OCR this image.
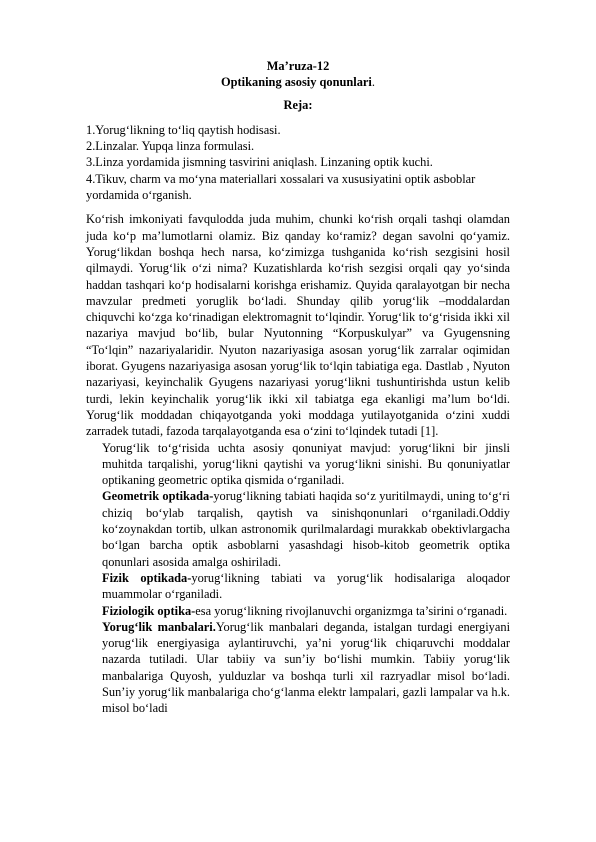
Ma’ruza-12
Optikaning asosiy qonunlari.
Reja:
1.Yorug‘likning to‘liq qaytish hodisasi.
2.Linzalar. Yupqa linza formulasi.
3.Linza yordamida jismning tasvirini aniqlash. Linzaning optik kuchi.
4.Tikuv, charm va mo‘yna materiallari xossalari va xususiyatini optik asboblar yordamida o‘rganish.

Ko‘rish imkoniyati favqulodda juda muhim, chunki ko‘rish orqali tashqi olamdan juda ko‘p ma’lumotlarni olamiz. Biz qanday ko‘ramiz? degan savolni qo‘yamiz. Yorug‘likdan boshqa hech narsa, ko‘zimizga tushganida ko‘rish sezgisini hosil qilmaydi. Yorug‘lik o‘zi nima? Kuzatishlarda ko‘rish sezgisi orqali qay yo‘sinda haddan tashqari ko‘p hodisalarni korishga erishamiz. Quyida qaralayotgan bir necha mavzular predmeti yoruglik bo‘ladi. Shunday qilib yorug‘lik –moddalardan chiquvchi ko‘zga ko‘rinadigan elektromagnit to‘lqindir. Yorug‘lik to‘g‘risida ikki xil nazariya mavjud bo‘lib, bular Nyutonning “Korpuskulyar” va Gyugensning “To‘lqin” nazariyalaridir. Nyuton nazariyasiga asosan yorug‘lik zarralar oqimidan iborat. Gyugens nazariyasiga asosan yorug‘lik to‘lqin tabiatiga ega. Dastlab , Nyuton nazariyasi, keyinchalik Gyugens nazariyasi yorug‘likni tushuntirishda ustun kelib turdi, lekin keyinchalik yorug‘lik ikki xil tabiatga ega ekanligi ma’lum bo‘ldi. Yorug‘lik moddadan chiqayotganda yoki moddaga yutilayotganida o‘zini xuddi zarradek tutadi, fazoda tarqalayotganda esa o‘zini to‘lqindek tutadi [1].

Yorug‘lik to‘g‘risida uchta asosiy qonuniyat mavjud: yorug‘likni bir jinsli muhitda tarqalishi, yorug‘likni qaytishi va yorug‘likni sinishi. Bu qonuniyatlar optikaning geometric optika qismida o‘rganiladi.

Geometrik optikada-yorug‘likning tabiati haqida so‘z yuritilmaydi, uning to‘g‘ri chiziq bo‘ylab tarqalish, qaytish va sinishqonunlari o‘rganiladi.Oddiy ko‘zoynakdan tortib, ulkan astronomik qurilmalardagi murakkab obektivlargacha bo‘lgan barcha optik asboblarni yasashdagi hisob-kitob geometrik optika qonunlari asosida amalga oshiriladi.

Fizik optikada-yorug‘likning tabiati va yorug‘lik hodisalariga aloqador muammolar o‘rganiladi.

Fiziologik optika-esa yorug‘likning rivojlanuvchi organizmga ta’sirini o‘rganadi.

Yorug‘lik manbalari.Yorug‘lik manbalari deganda, istalgan turdagi energiyani yorug‘lik energiyasiga aylantiruvchi, ya’ni yorug‘lik chiqaruvchi moddalar nazarda tutiladi. Ular tabiiy va sun’iy bo‘lishi mumkin. Tabiiy yorug‘lik manbalariga Quyosh, yulduzlar va boshqa turli xil razryadlar misol bo‘ladi. Sun’iy yorug‘lik manbalariga cho‘g‘lanma elektr lampalari, gazli lampalar va h.k. misol bo‘ladi
